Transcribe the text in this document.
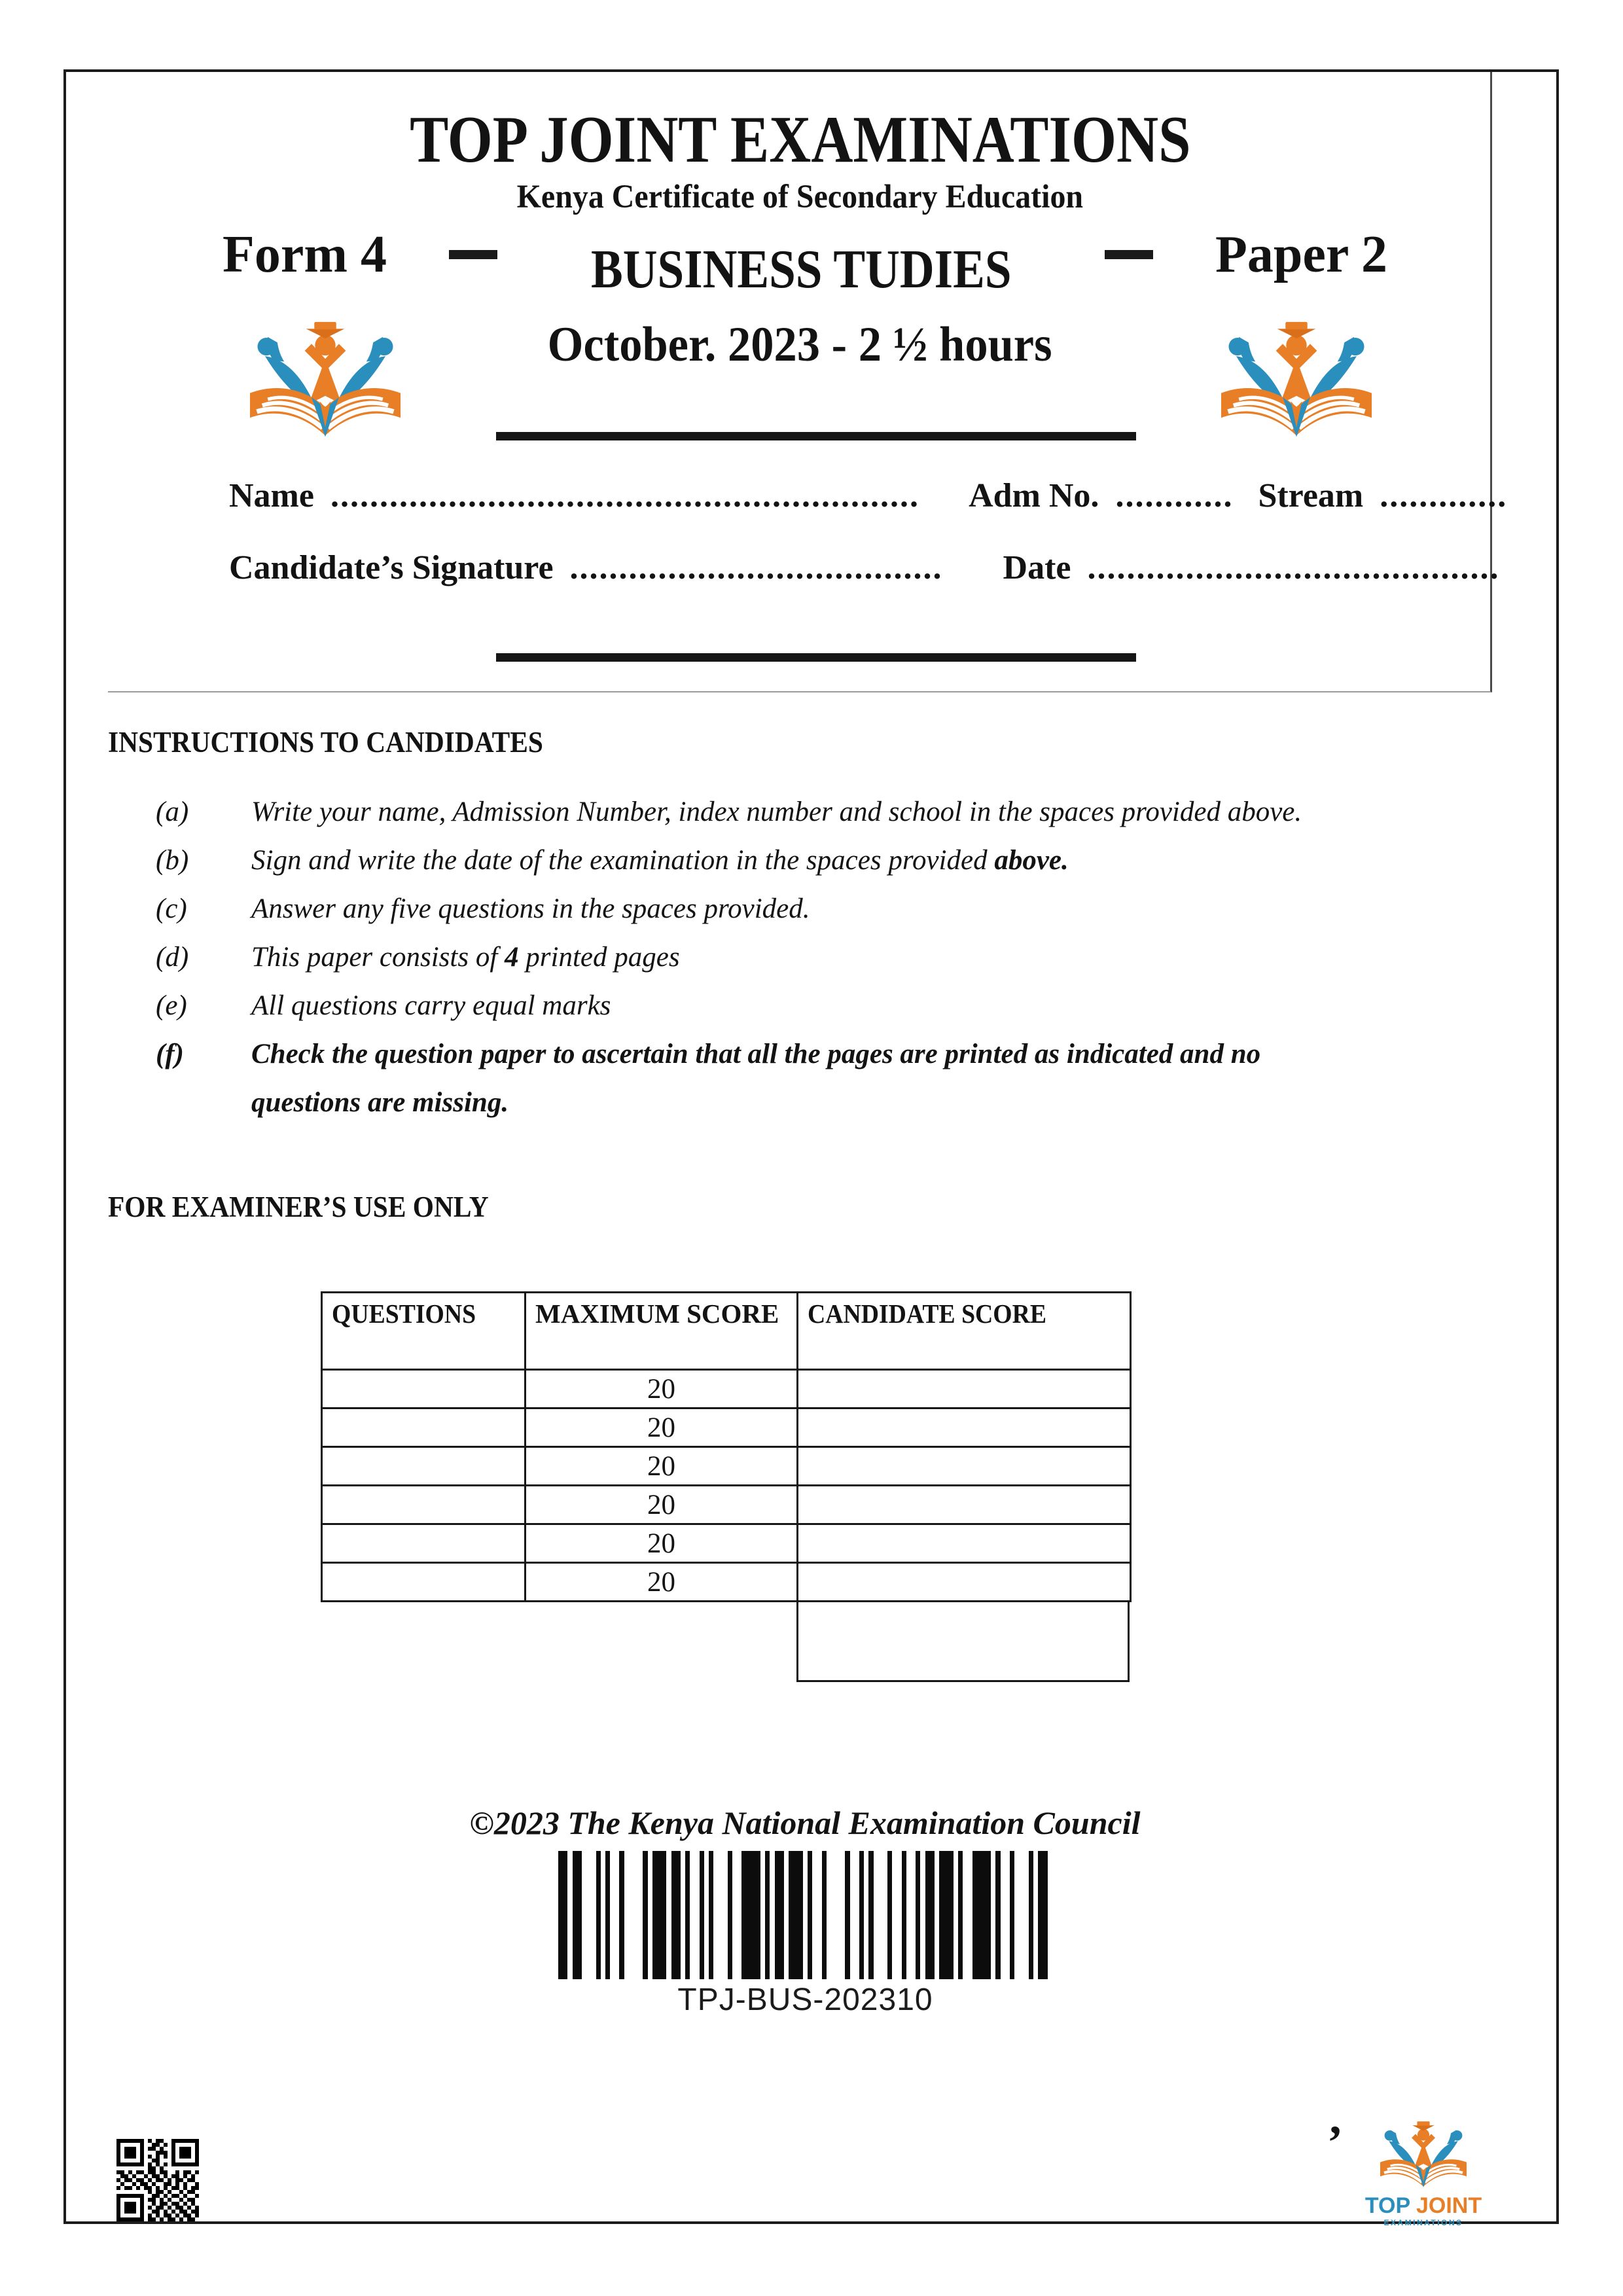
TOP JOINT EXAMINATIONS
Kenya Certificate of Secondary Education
Form 4	BUSINESS TUDIES	Paper 2
October. 2023 - 2 ½ hours
Name ............................................................ Adm No. ............ Stream .............
Candidate’s Signature ...................................... Date ..........................................
INSTRUCTIONS TO CANDIDATES
(a)	Write your name, Admission Number, index number and school in the spaces provided above.
(b)	Sign and write the date of the examination in the spaces provided above.
(c)	Answer any five questions in the spaces provided.
(d)	This paper consists of 4 printed pages
(e)	All questions carry equal marks
(f)	Check the question paper to ascertain that all the pages are printed as indicated and no
questions are missing.
FOR EXAMINER’S USE ONLY
QUESTIONS	MAXIMUM SCORE	CANDIDATE SCORE
	20	
	20	
	20	
	20	
	20	
	20	
©2023 The Kenya National Examination Council
TPJ-BUS-202310
’
TOP JOINT
EXAMINATIONS
